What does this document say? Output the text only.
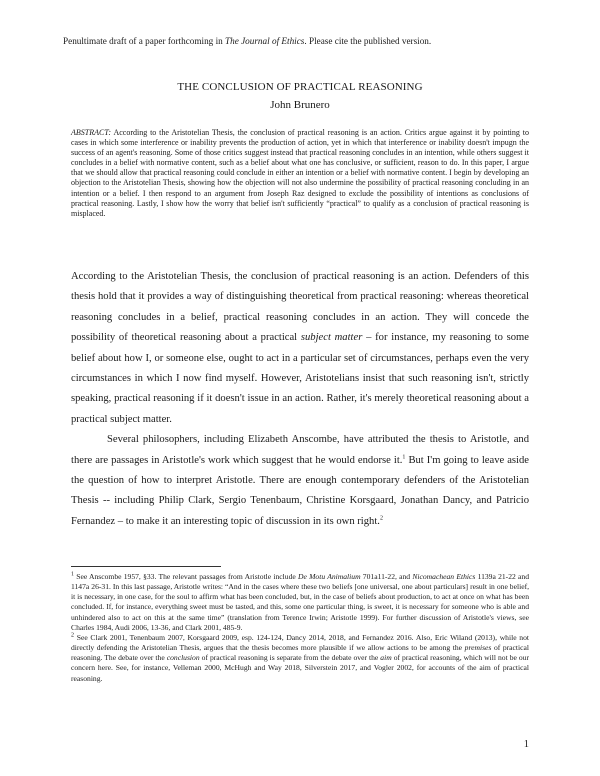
Penultimate draft of a paper forthcoming in The Journal of Ethics. Please cite the published version.
THE CONCLUSION OF PRACTICAL REASONING
John Brunero
ABSTRACT: According to the Aristotelian Thesis, the conclusion of practical reasoning is an action. Critics argue against it by pointing to cases in which some interference or inability prevents the production of action, yet in which that interference or inability doesn't impugn the success of an agent's reasoning. Some of those critics suggest instead that practical reasoning concludes in an intention, while others suggest it concludes in a belief with normative content, such as a belief about what one has conclusive, or sufficient, reason to do. In this paper, I argue that we should allow that practical reasoning could conclude in either an intention or a belief with normative content. I begin by developing an objection to the Aristotelian Thesis, showing how the objection will not also undermine the possibility of practical reasoning concluding in an intention or a belief. I then respond to an argument from Joseph Raz designed to exclude the possibility of intentions as conclusions of practical reasoning. Lastly, I show how the worry that belief isn't sufficiently “practical” to qualify as a conclusion of practical reasoning is misplaced.

According to the Aristotelian Thesis, the conclusion of practical reasoning is an action. Defenders of this thesis hold that it provides a way of distinguishing theoretical from practical reasoning: whereas theoretical reasoning concludes in a belief, practical reasoning concludes in an action. They will concede the possibility of theoretical reasoning about a practical subject matter – for instance, my reasoning to some belief about how I, or someone else, ought to act in a particular set of circumstances, perhaps even the very circumstances in which I now find myself. However, Aristotelians insist that such reasoning isn't, strictly speaking, practical reasoning if it doesn't issue in an action. Rather, it's merely theoretical reasoning about a practical subject matter.

Several philosophers, including Elizabeth Anscombe, have attributed the thesis to Aristotle, and there are passages in Aristotle's work which suggest that he would endorse it.$^1$ But I'm going to leave aside the question of how to interpret Aristotle. There are enough contemporary defenders of the Aristotelian Thesis -- including Philip Clark, Sergio Tenenbaum, Christine Korsgaard, Jonathan Dancy, and Patricio Fernandez – to make it an interesting topic of discussion in its own right.$^2$

$^1$ See Anscombe 1957, §33. The relevant passages from Aristotle include De Motu Animalium 701a11-22, and Nicomachean Ethics 1139a 21-22 and 1147a 26-31. In this last passage, Aristotle writes: “And in the cases where these two beliefs [one universal, one about particulars] result in one belief, it is necessary, in one case, for the soul to affirm what has been concluded, but, in the case of beliefs about production, to act at once on what has been concluded. If, for instance, everything sweet must be tasted, and this, some one particular thing, is sweet, it is necessary for someone who is able and unhindered also to act on this at the same time” (translation from Terence Irwin; Aristotle 1999). For further discussion of Aristotle's views, see Charles 1984, Audi 2006, 13-36, and Clark 2001, 485-9.

$^2$ See Clark 2001, Tenenbaum 2007, Korsgaard 2009, esp. 124-124, Dancy 2014, 2018, and Fernandez 2016. Also, Eric Wiland (2013), while not directly defending the Aristotelian Thesis, argues that the thesis becomes more plausible if we allow actions to be among the premises of practical reasoning. The debate over the conclusion of practical reasoning is separate from the debate over the aim of practical reasoning, which will not be our concern here. See, for instance, Velleman 2000, McHugh and Way 2018, Silverstein 2017, and Vogler 2002, for accounts of the aim of practical reasoning.

1
